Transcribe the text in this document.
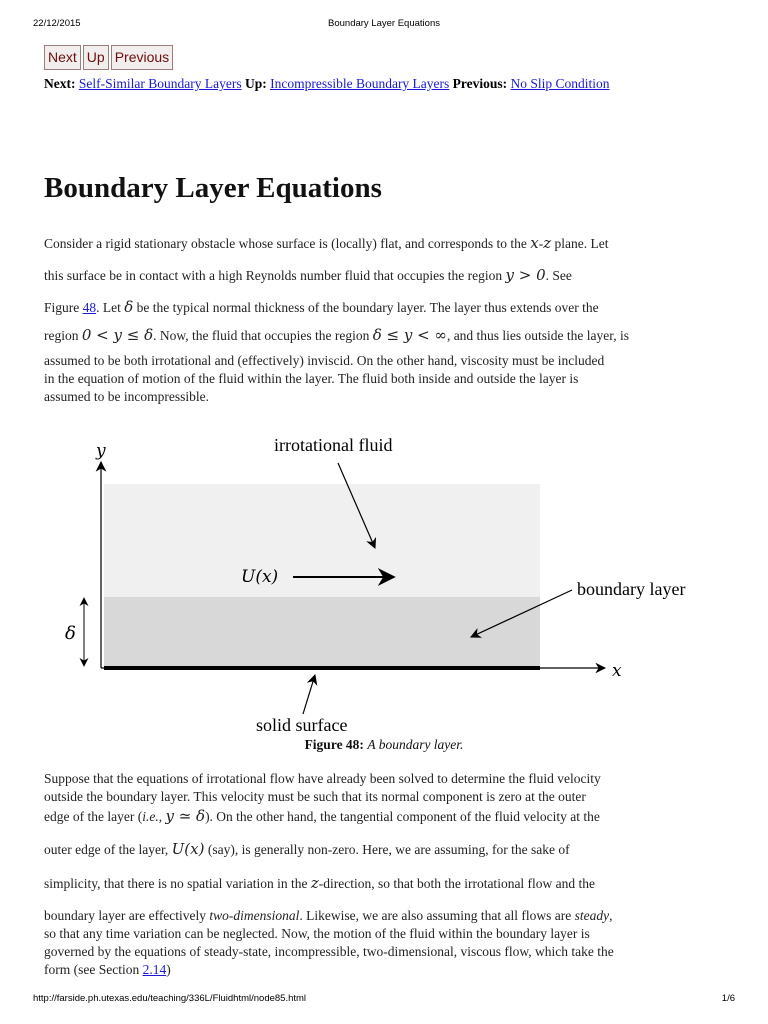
22/12/2015	Boundary Layer Equations
Next Up Previous
Next: Self-Similar Boundary Layers Up: Incompressible Boundary Layers Previous: No Slip Condition
Boundary Layer Equations
Consider a rigid stationary obstacle whose surface is (locally) flat, and corresponds to the x-z plane. Let
this surface be in contact with a high Reynolds number fluid that occupies the region y > 0. See
Figure 48. Let δ be the typical normal thickness of the boundary layer. The layer thus extends over the
region 0 < y ≤ δ. Now, the fluid that occupies the region δ ≤ y < ∞, and thus lies outside the layer, is
assumed to be both irrotational and (effectively) inviscid. On the other hand, viscosity must be included
in the equation of motion of the fluid within the layer. The fluid both inside and outside the layer is
assumed to be incompressible.
y
x
irrotational fluid
U(x)
boundary layer
δ
solid surface
Figure 48: A boundary layer.
Suppose that the equations of irrotational flow have already been solved to determine the fluid velocity
outside the boundary layer. This velocity must be such that its normal component is zero at the outer
edge of the layer (i.e., y ≃ δ). On the other hand, the tangential component of the fluid velocity at the
outer edge of the layer, U(x) (say), is generally non-zero. Here, we are assuming, for the sake of
simplicity, that there is no spatial variation in the z-direction, so that both the irrotational flow and the
boundary layer are effectively two-dimensional. Likewise, we are also assuming that all flows are steady,
so that any time variation can be neglected. Now, the motion of the fluid within the boundary layer is
governed by the equations of steady-state, incompressible, two-dimensional, viscous flow, which take the
form (see Section 2.14)
http://farside.ph.utexas.edu/teaching/336L/Fluidhtml/node85.html	1/6
